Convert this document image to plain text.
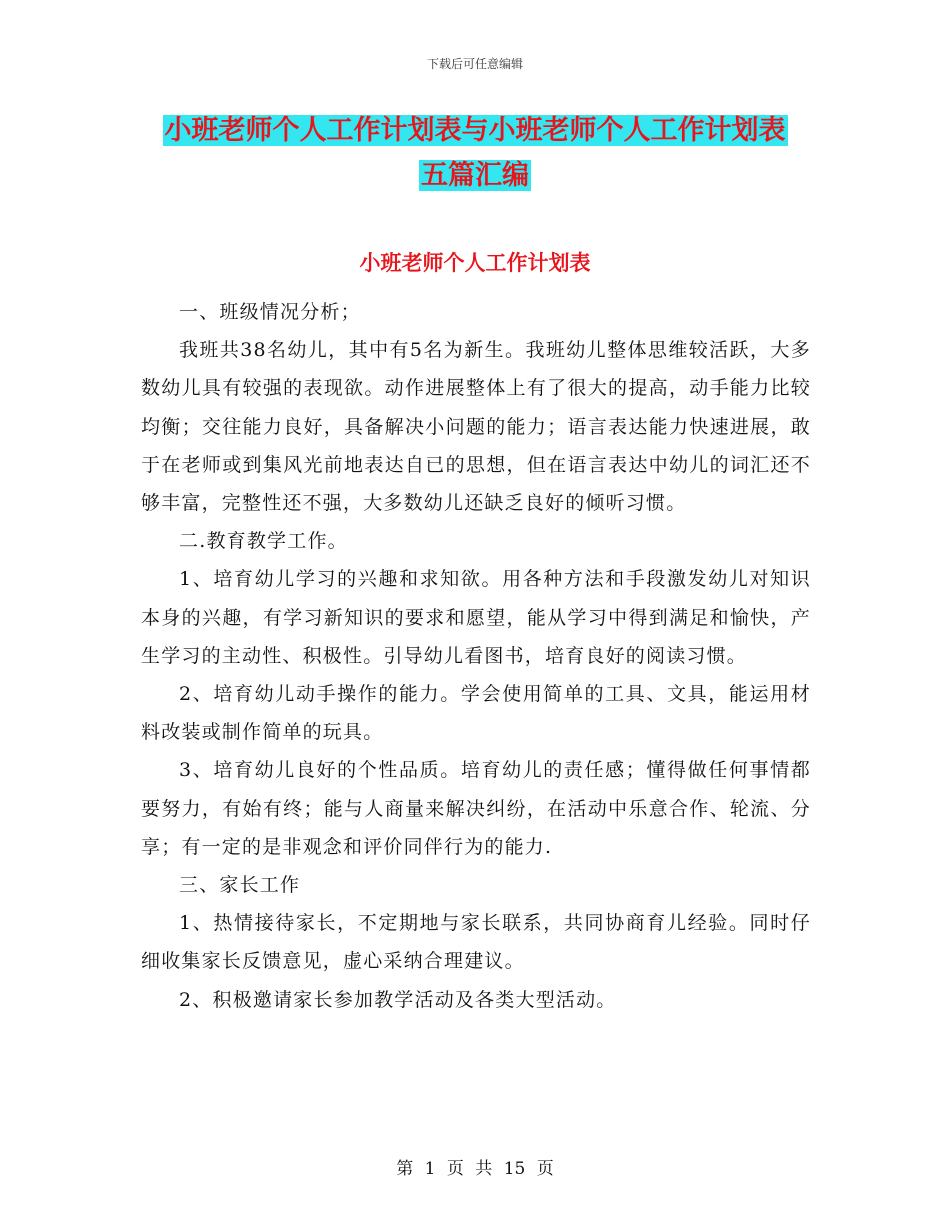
下载后可任意编辑
小班老师个人工作计划表与小班老师个人工作计划表
五篇汇编
小班老师个人工作计划表

一、班级情况分析；

我班共38名幼儿，其中有5名为新生。我班幼儿整体思维较活跃，大多数幼儿具有较强的表现欲。动作进展整体上有了很大的提高，动手能力比较均衡；交往能力良好，具备解决小问题的能力；语言表达能力快速进展，敢于在老师或到集风光前地表达自已的思想，但在语言表达中幼儿的词汇还不够丰富，完整性还不强，大多数幼儿还缺乏良好的倾听习惯。

二.教育教学工作。

1、培育幼儿学习的兴趣和求知欲。用各种方法和手段激发幼儿对知识本身的兴趣，有学习新知识的要求和愿望，能从学习中得到满足和愉快，产生学习的主动性、积极性。引导幼儿看图书，培育良好的阅读习惯。

2、培育幼儿动手操作的能力。学会使用简单的工具、文具，能运用材料改装或制作简单的玩具。

3、培育幼儿良好的个性品质。培育幼儿的责任感；懂得做任何事情都要努力，有始有终；能与人商量来解决纠纷，在活动中乐意合作、轮流、分享；有一定的是非观念和评价同伴行为的能力.

三、家长工作

1、热情接待家长，不定期地与家长联系，共同协商育儿经验。同时仔细收集家长反馈意见，虚心采纳合理建议。

2、积极邀请家长参加教学活动及各类大型活动。

第 1 页 共 15 页
